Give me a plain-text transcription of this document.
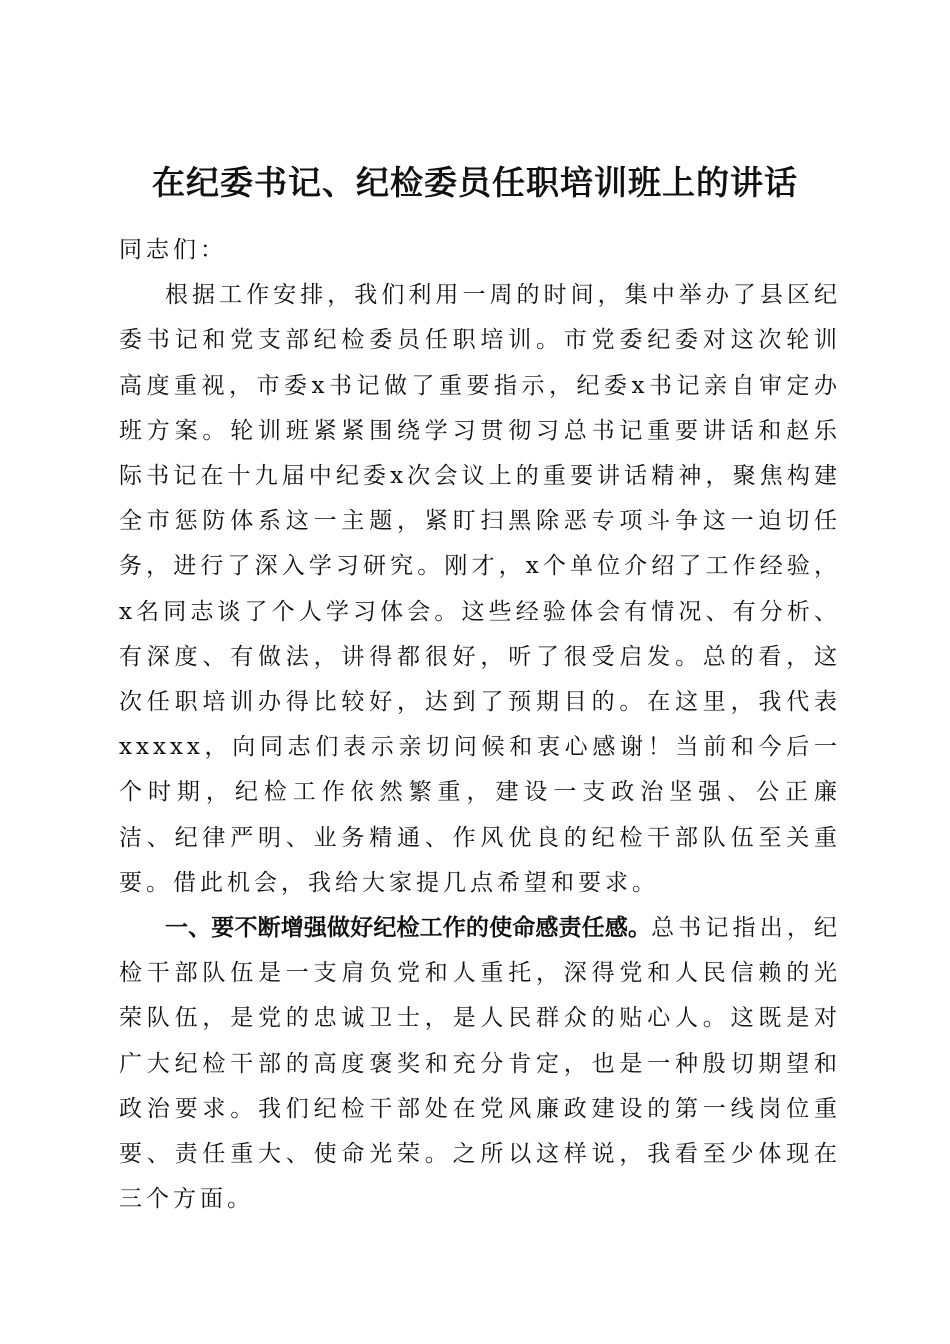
在纪委书记、纪检委员任职培训班上的讲话

同志们：

根据工作安排，我们利用一周的时间，集中举办了县区纪委书记和党支部纪检委员任职培训。市党委纪委对这次轮训高度重视，市委x书记做了重要指示，纪委x书记亲自审定办班方案。轮训班紧紧围绕学习贯彻习总书记重要讲话和赵乐际书记在十九届中纪委x次会议上的重要讲话精神，聚焦构建全市惩防体系这一主题，紧盯扫黑除恶专项斗争这一迫切任务，进行了深入学习研究。刚才，x个单位介绍了工作经验，x名同志谈了个人学习体会。这些经验体会有情况、有分析、有深度、有做法，讲得都很好，听了很受启发。总的看，这次任职培训办得比较好，达到了预期目的。在这里，我代表xxxxx，向同志们表示亲切问候和衷心感谢！当前和今后一个时期，纪检工作依然繁重，建设一支政治坚强、公正廉洁、纪律严明、业务精通、作风优良的纪检干部队伍至关重要。借此机会，我给大家提几点希望和要求。

一、要不断增强做好纪检工作的使命感责任感。总书记指出，纪检干部队伍是一支肩负党和人重托，深得党和人民信赖的光荣队伍，是党的忠诚卫士，是人民群众的贴心人。这既是对广大纪检干部的高度褒奖和充分肯定，也是一种殷切期望和政治要求。我们纪检干部处在党风廉政建设的第一线岗位重要、责任重大、使命光荣。之所以这样说，我看至少体现在三个方面。
